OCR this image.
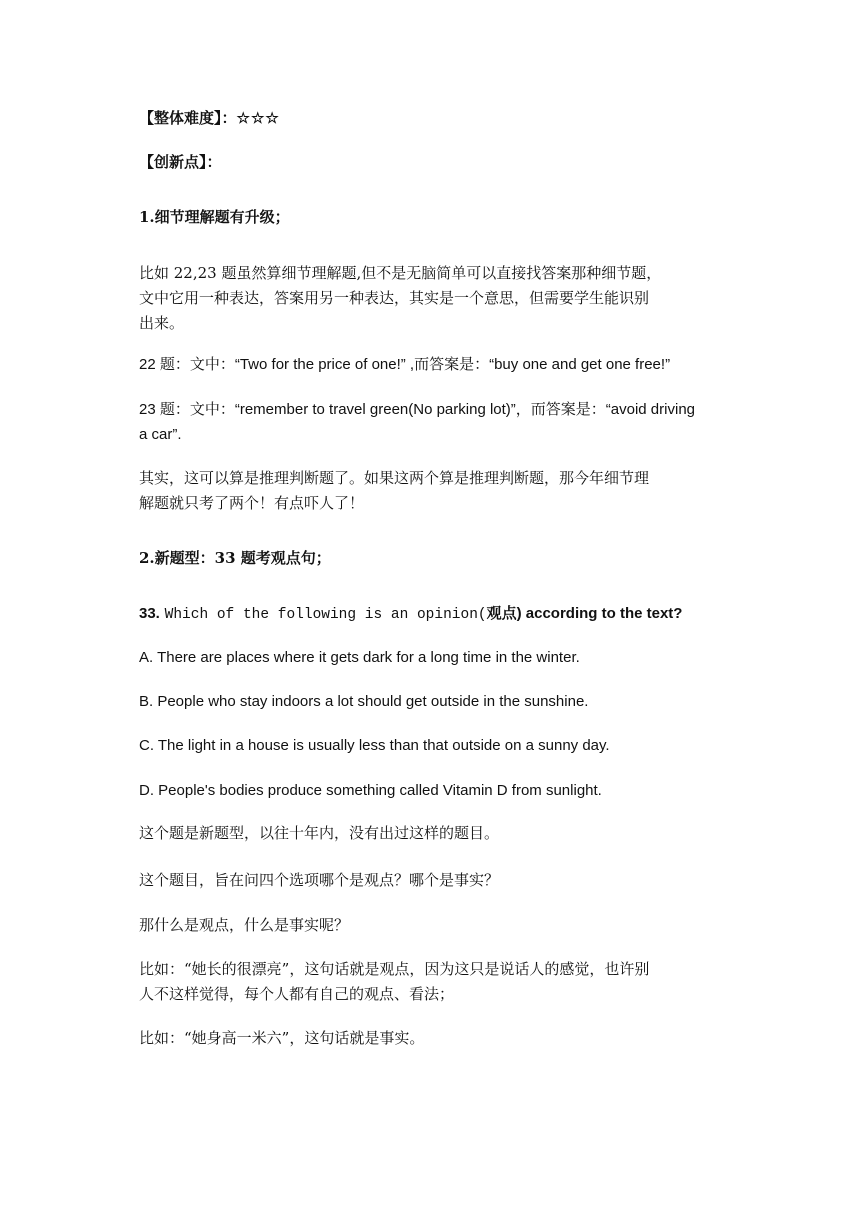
【整体难度】：☆☆☆
【创新点】：
1.细节理解题有升级；
比如 22,23 题虽然算细节理解题,但不是无脑简单可以直接找答案那种细节题，
文中它用一种表达，答案用另一种表达，其实是一个意思，但需要学生能识别
出来。
22 题：文中：“Two for the price of one!” ,而答案是：“buy one and get one free!”
23 题：文中：“remember to travel green(No parking lot)”，而答案是：“avoid driving
a car”.
其实，这可以算是推理判断题了。如果这两个算是推理判断题，那今年细节理
解题就只考了两个！有点吓人了！
2.新题型：33 题考观点句；
33. Which of the following is an opinion(观点) according to the text?
A. There are places where it gets dark for a long time in the winter.
B. People who stay indoors a lot should get outside in the sunshine.
C. The light in a house is usually less than that outside on a sunny day.
D. People's bodies produce something called Vitamin D from sunlight.
这个题是新题型，以往十年内，没有出过这样的题目。
这个题目，旨在问四个选项哪个是观点？哪个是事实？
那什么是观点，什么是事实呢？
比如：“她长的很漂亮”，这句话就是观点，因为这只是说话人的感觉，也许别
人不这样觉得，每个人都有自己的观点、看法；
比如：“她身高一米六”，这句话就是事实。
